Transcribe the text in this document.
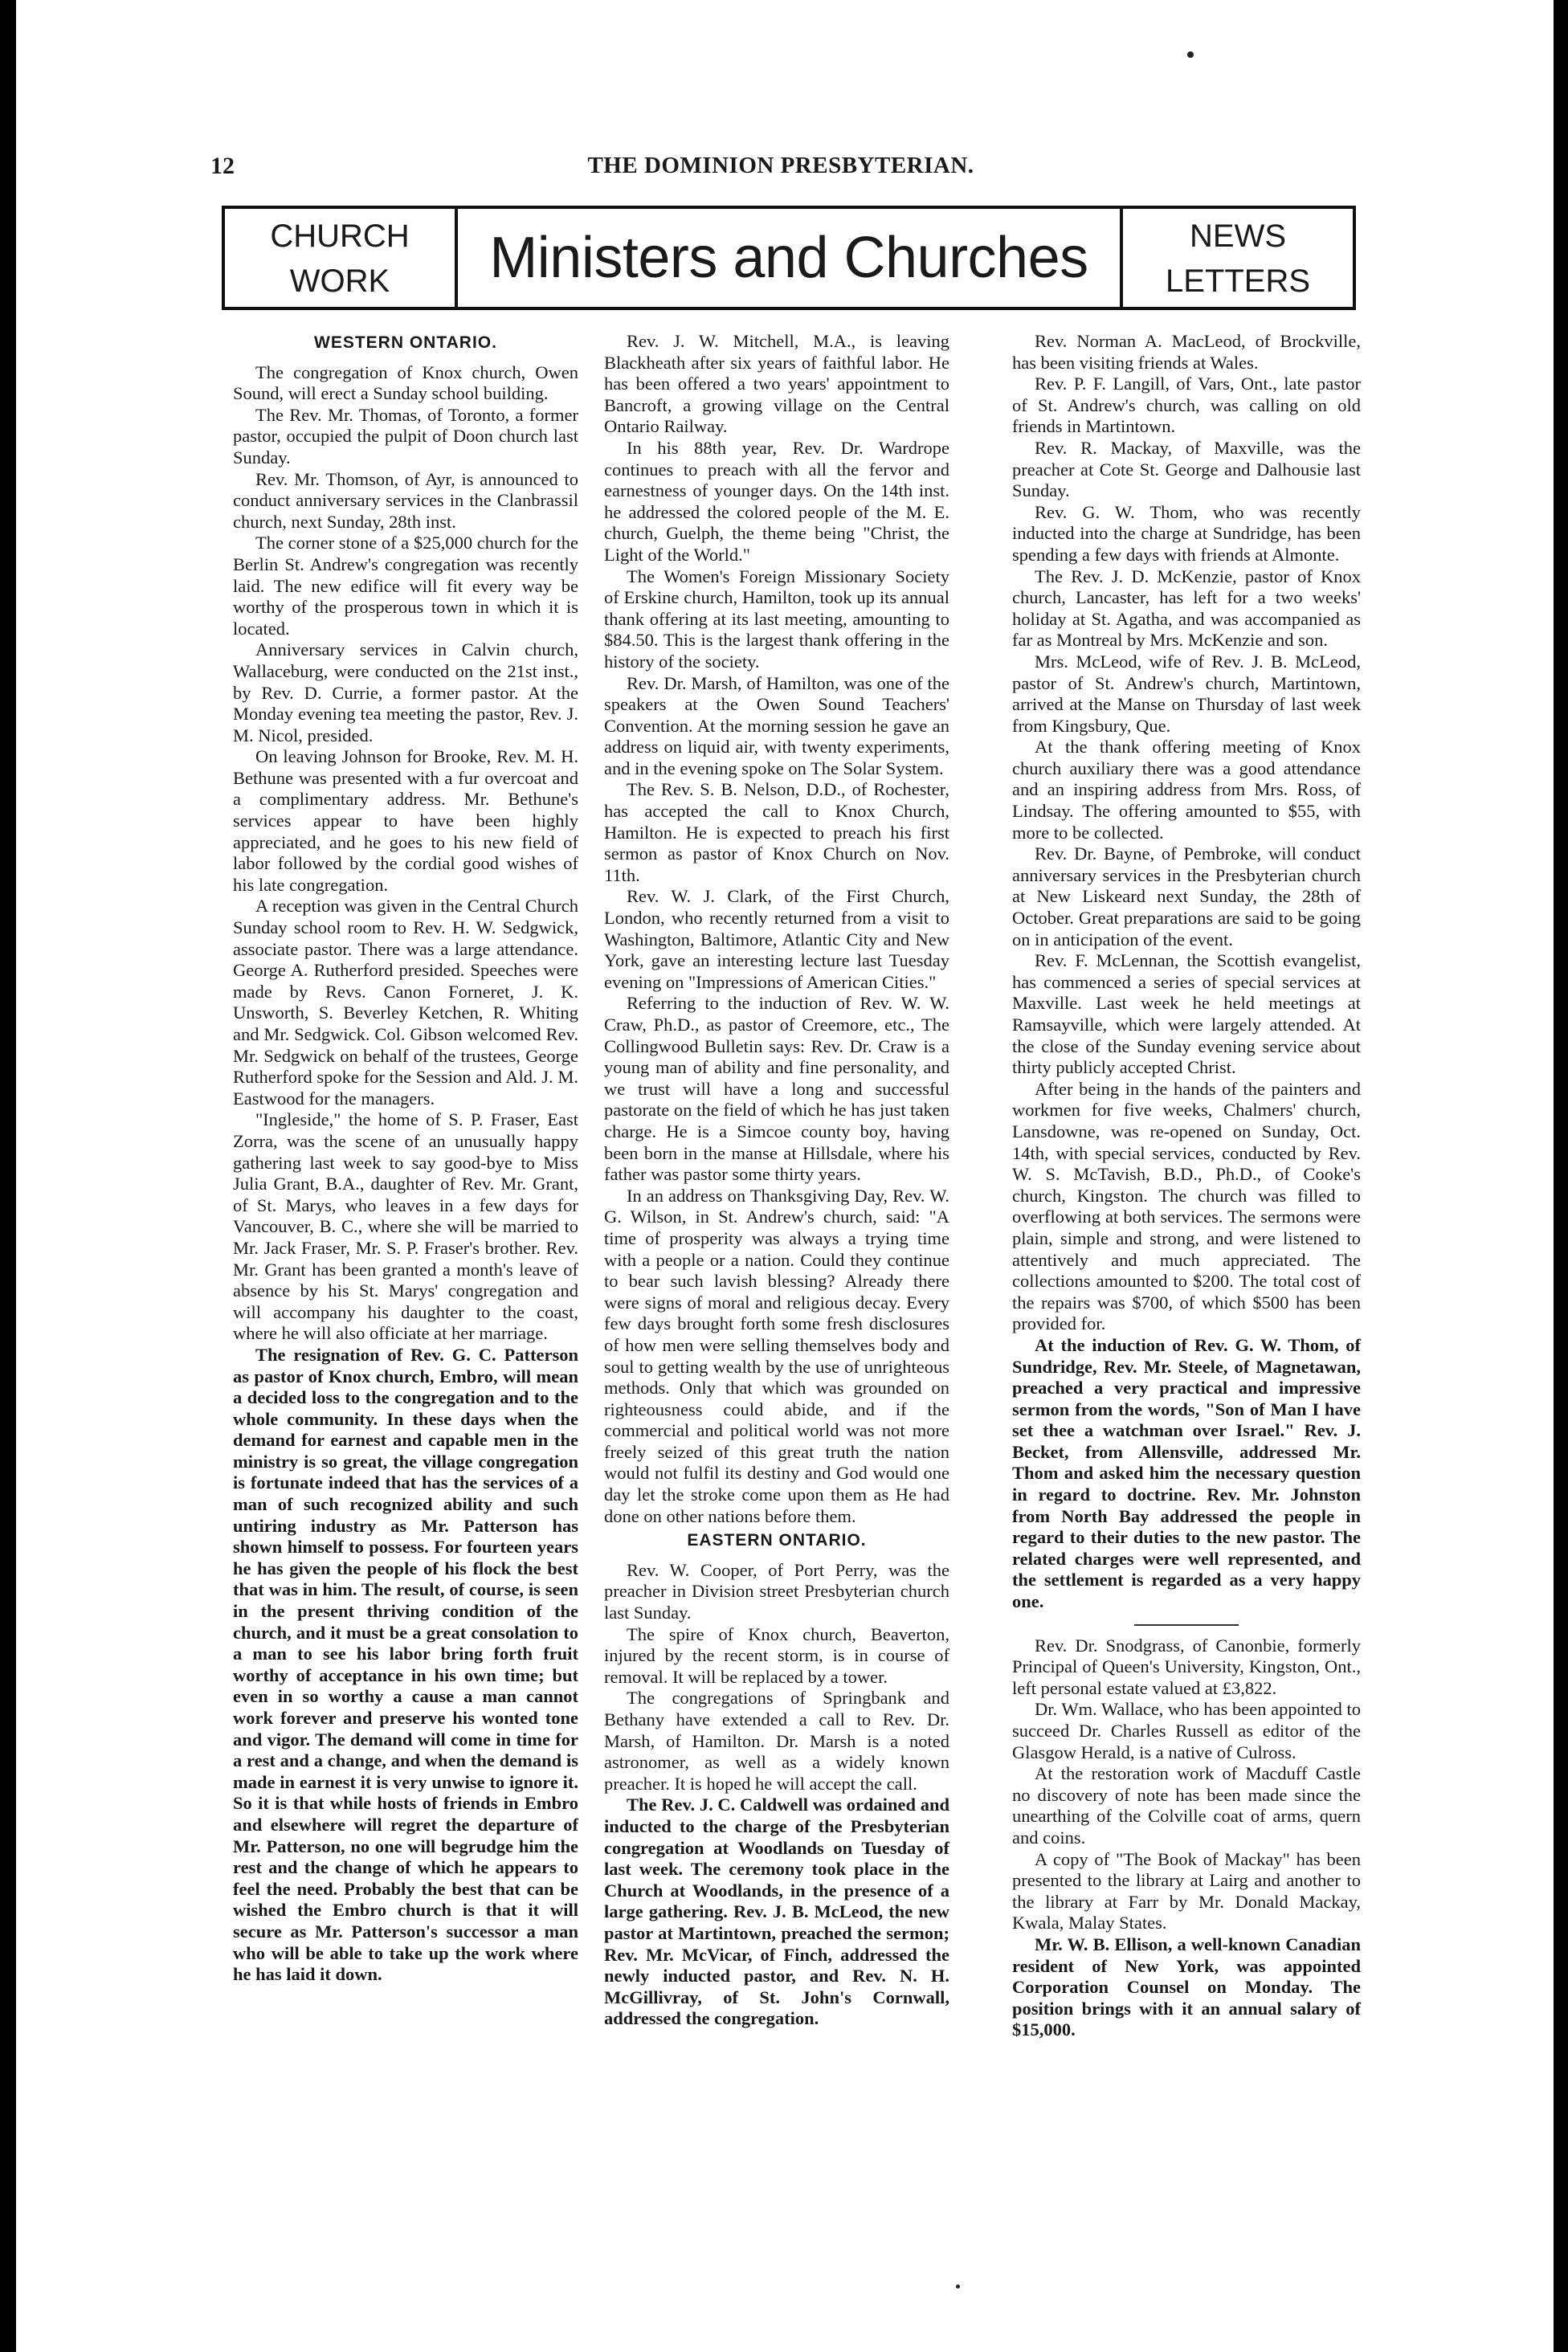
12	THE DOMINION PRESBYTERIAN.
CHURCH
WORK	Ministers and Churches	NEWS
LETTERS
WESTERN ONTARIO.

The congregation of Knox church, Owen Sound, will erect a Sunday school building.

The Rev. Mr. Thomas, of Toronto, a former pastor, occupied the pulpit of Doon church last Sunday.

Rev. Mr. Thomson, of Ayr, is announced to conduct anniversary services in the Clanbrassil church, next Sunday, 28th inst.

The corner stone of a $25,000 church for the Berlin St. Andrew's congregation was recently laid. The new edifice will fit every way be worthy of the prosperous town in which it is located.

Anniversary services in Calvin church, Wallaceburg, were conducted on the 21st inst., by Rev. D. Currie, a former pastor. At the Monday evening tea meeting the pastor, Rev. J. M. Nicol, presided.

On leaving Johnson for Brooke, Rev. M. H. Bethune was presented with a fur overcoat and a complimentary address. Mr. Bethune's services appear to have been highly appreciated, and he goes to his new field of labor followed by the cordial good wishes of his late congregation.

A reception was given in the Central Church Sunday school room to Rev. H. W. Sedgwick, associate pastor. There was a large attendance. George A. Rutherford presided. Speeches were made by Revs. Canon Forneret, J. K. Unsworth, S. Beverley Ketchen, R. Whiting and Mr. Sedgwick. Col. Gibson welcomed Rev. Mr. Sedgwick on behalf of the trustees, George Rutherford spoke for the Session and Ald. J. M. Eastwood for the managers.

"Ingleside," the home of S. P. Fraser, East Zorra, was the scene of an unusually happy gathering last week to say good-bye to Miss Julia Grant, B.A., daughter of Rev. Mr. Grant, of St. Marys, who leaves in a few days for Vancouver, B. C., where she will be married to Mr. Jack Fraser, Mr. S. P. Fraser's brother. Rev. Mr. Grant has been granted a month's leave of absence by his St. Marys' congregation and will accompany his daughter to the coast, where he will also officiate at her marriage.

The resignation of Rev. G. C. Patterson as pastor of Knox church, Embro, will mean a decided loss to the congregation and to the whole community. In these days when the demand for earnest and capable men in the ministry is so great, the village congregation is fortunate indeed that has the services of a man of such recognized ability and such untiring industry as Mr. Patterson has shown himself to possess. For fourteen years he has given the people of his flock the best that was in him. The result, of course, is seen in the present thriving condition of the church, and it must be a great consolation to a man to see his labor bring forth fruit worthy of acceptance in his own time; but even in so worthy a cause a man cannot work forever and preserve his wonted tone and vigor. The demand will come in time for a rest and a change, and when the demand is made in earnest it is very unwise to ignore it. So it is that while hosts of friends in Embro and elsewhere will regret the departure of Mr. Patterson, no one will begrudge him the rest and the change of which he appears to feel the need. Probably the best that can be wished the Embro church is that it will secure as Mr. Patterson's successor a man who will be able to take up the work where he has laid it down.

Rev. J. W. Mitchell, M.A., is leaving Blackheath after six years of faithful labor. He has been offered a two years' appointment to Bancroft, a growing village on the Central Ontario Railway.

In his 88th year, Rev. Dr. Wardrope continues to preach with all the fervor and earnestness of younger days. On the 14th inst. he addressed the colored people of the M. E. church, Guelph, the theme being "Christ, the Light of the World."

The Women's Foreign Missionary Society of Erskine church, Hamilton, took up its annual thank offering at its last meeting, amounting to $84.50. This is the largest thank offering in the history of the society.

Rev. Dr. Marsh, of Hamilton, was one of the speakers at the Owen Sound Teachers' Convention. At the morning session he gave an address on liquid air, with twenty experiments, and in the evening spoke on The Solar System.

The Rev. S. B. Nelson, D.D., of Rochester, has accepted the call to Knox Church, Hamilton. He is expected to preach his first sermon as pastor of Knox Church on Nov. 11th.

Rev. W. J. Clark, of the First Church, London, who recently returned from a visit to Washington, Baltimore, Atlantic City and New York, gave an interesting lecture last Tuesday evening on "Impressions of American Cities."

Referring to the induction of Rev. W. W. Craw, Ph.D., as pastor of Creemore, etc., The Collingwood Bulletin says: Rev. Dr. Craw is a young man of ability and fine personality, and we trust will have a long and successful pastorate on the field of which he has just taken charge. He is a Simcoe county boy, having been born in the manse at Hillsdale, where his father was pastor some thirty years.

In an address on Thanksgiving Day, Rev. W. G. Wilson, in St. Andrew's church, said: "A time of prosperity was always a trying time with a people or a nation. Could they continue to bear such lavish blessing? Already there were signs of moral and religious decay. Every few days brought forth some fresh disclosures of how men were selling themselves body and soul to getting wealth by the use of unrighteous methods. Only that which was grounded on righteousness could abide, and if the commercial and political world was not more freely seized of this great truth the nation would not fulfil its destiny and God would one day let the stroke come upon them as He had done on other nations before them.

EASTERN ONTARIO.

Rev. W. Cooper, of Port Perry, was the preacher in Division street Presbyterian church last Sunday.

The spire of Knox church, Beaverton, injured by the recent storm, is in course of removal. It will be replaced by a tower.

The congregations of Springbank and Bethany have extended a call to Rev. Dr. Marsh, of Hamilton. Dr. Marsh is a noted astronomer, as well as a widely known preacher. It is hoped he will accept the call.

The Rev. J. C. Caldwell was ordained and inducted to the charge of the Presbyterian congregation at Woodlands on Tuesday of last week. The ceremony took place in the Church at Woodlands, in the presence of a large gathering. Rev. J. B. McLeod, the new pastor at Martintown, preached the sermon; Rev. Mr. McVicar, of Finch, addressed the newly inducted pastor, and Rev. N. H. McGillivray, of St. John's Cornwall, addressed the congregation.

Rev. Norman A. MacLeod, of Brockville, has been visiting friends at Wales.

Rev. P. F. Langill, of Vars, Ont., late pastor of St. Andrew's church, was calling on old friends in Martintown.

Rev. R. Mackay, of Maxville, was the preacher at Cote St. George and Dalhousie last Sunday.

Rev. G. W. Thom, who was recently inducted into the charge at Sundridge, has been spending a few days with friends at Almonte.

The Rev. J. D. McKenzie, pastor of Knox church, Lancaster, has left for a two weeks' holiday at St. Agatha, and was accompanied as far as Montreal by Mrs. McKenzie and son.

Mrs. McLeod, wife of Rev. J. B. McLeod, pastor of St. Andrew's church, Martintown, arrived at the Manse on Thursday of last week from Kingsbury, Que.

At the thank offering meeting of Knox church auxiliary there was a good attendance and an inspiring address from Mrs. Ross, of Lindsay. The offering amounted to $55, with more to be collected.

Rev. Dr. Bayne, of Pembroke, will conduct anniversary services in the Presbyterian church at New Liskeard next Sunday, the 28th of October. Great preparations are said to be going on in anticipation of the event.

Rev. F. McLennan, the Scottish evangelist, has commenced a series of special services at Maxville. Last week he held meetings at Ramsayville, which were largely attended. At the close of the Sunday evening service about thirty publicly accepted Christ.

After being in the hands of the painters and workmen for five weeks, Chalmers' church, Lansdowne, was re-opened on Sunday, Oct. 14th, with special services, conducted by Rev. W. S. McTavish, B.D., Ph.D., of Cooke's church, Kingston. The church was filled to overflowing at both services. The sermons were plain, simple and strong, and were listened to attentively and much appreciated. The collections amounted to $200. The total cost of the repairs was $700, of which $500 has been provided for.

At the induction of Rev. G. W. Thom, of Sundridge, Rev. Mr. Steele, of Magnetawan, preached a very practical and impressive sermon from the words, "Son of Man I have set thee a watchman over Israel." Rev. J. Becket, from Allensville, addressed Mr. Thom and asked him the necessary question in regard to doctrine. Rev. Mr. Johnston from North Bay addressed the people in regard to their duties to the new pastor. The related charges were well represented, and the settlement is regarded as a very happy one.

Rev. Dr. Snodgrass, of Canonbie, formerly Principal of Queen's University, Kingston, Ont., left personal estate valued at £3,822.

Dr. Wm. Wallace, who has been appointed to succeed Dr. Charles Russell as editor of the Glasgow Herald, is a native of Culross.

At the restoration work of Macduff Castle no discovery of note has been made since the unearthing of the Colville coat of arms, quern and coins.

A copy of "The Book of Mackay" has been presented to the library at Lairg and another to the library at Farr by Mr. Donald Mackay, Kwala, Malay States.

Mr. W. B. Ellison, a well-known Canadian resident of New York, was appointed Corporation Counsel on Monday. The position brings with it an annual salary of $15,000.
